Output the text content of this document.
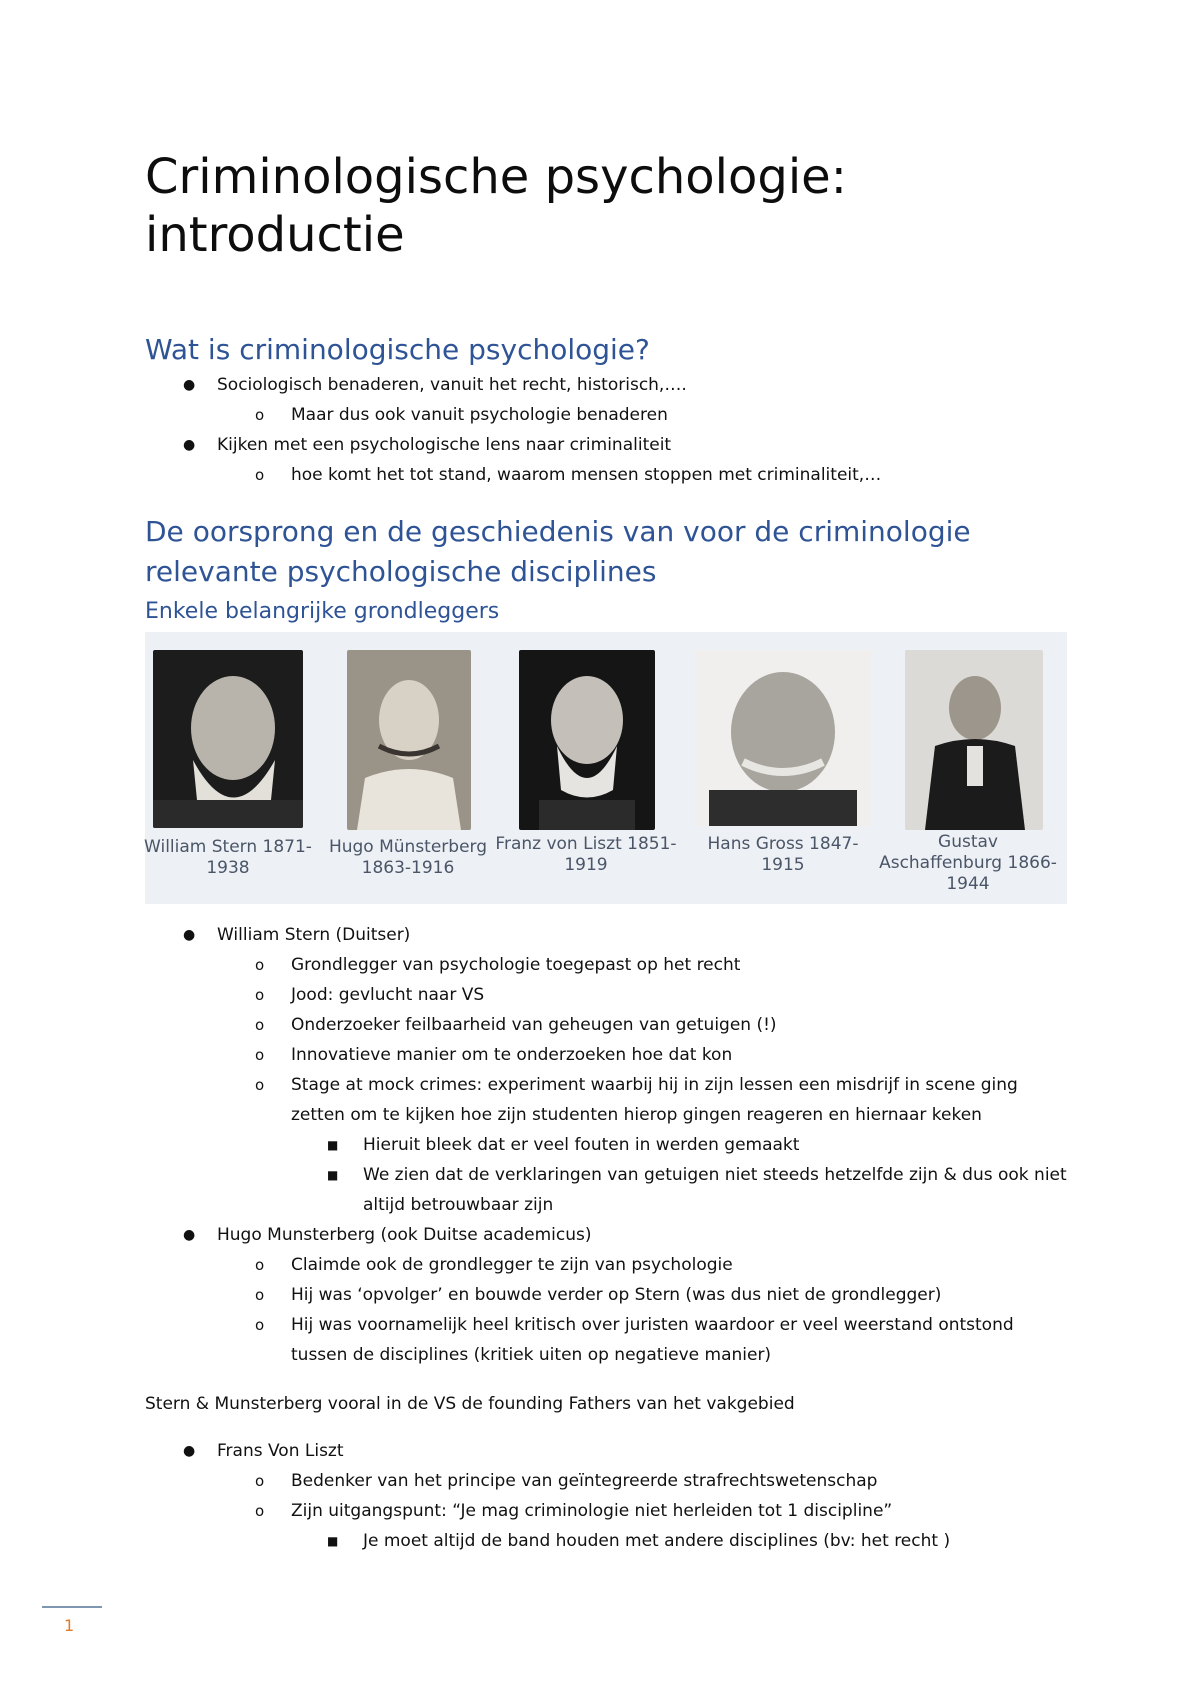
Criminologische psychologie: introductie
Wat is criminologische psychologie?
● Sociologisch benaderen, vanuit het recht, historisch,….
o Maar dus ook vanuit psychologie benaderen
● Kijken met een psychologische lens naar criminaliteit
o hoe komt het tot stand, waarom mensen stoppen met criminaliteit,…
De oorsprong en de geschiedenis van voor de criminologie relevante psychologische disciplines
Enkele belangrijke grondleggers
William Stern 1871-1938
Hugo Münsterberg 1863-1916
Franz von Liszt 1851-1919
Hans Gross 1847-1915
Gustav Aschaffenburg 1866-1944
● William Stern (Duitser)
o Grondlegger van psychologie toegepast op het recht
o Jood: gevlucht naar VS
o Onderzoeker feilbaarheid van geheugen van getuigen (!)
o Innovatieve manier om te onderzoeken hoe dat kon
o Stage at mock crimes: experiment waarbij hij in zijn lessen een misdrijf in scene ging zetten om te kijken hoe zijn studenten hierop gingen reageren en hiernaar keken
■ Hieruit bleek dat er veel fouten in werden gemaakt
■ We zien dat de verklaringen van getuigen niet steeds hetzelfde zijn & dus ook niet altijd betrouwbaar zijn
● Hugo Munsterberg (ook Duitse academicus)
o Claimde ook de grondlegger te zijn van psychologie
o Hij was ‘opvolger’ en bouwde verder op Stern (was dus niet de grondlegger)
o Hij was voornamelijk heel kritisch over juristen waardoor er veel weerstand ontstond tussen de disciplines (kritiek uiten op negatieve manier)
Stern & Munsterberg vooral in de VS de founding Fathers van het vakgebied
● Frans Von Liszt
o Bedenker van het principe van geïntegreerde strafrechtswetenschap
o Zijn uitgangspunt: “Je mag criminologie niet herleiden tot 1 discipline”
■ Je moet altijd de band houden met andere disciplines (bv: het recht )
1
